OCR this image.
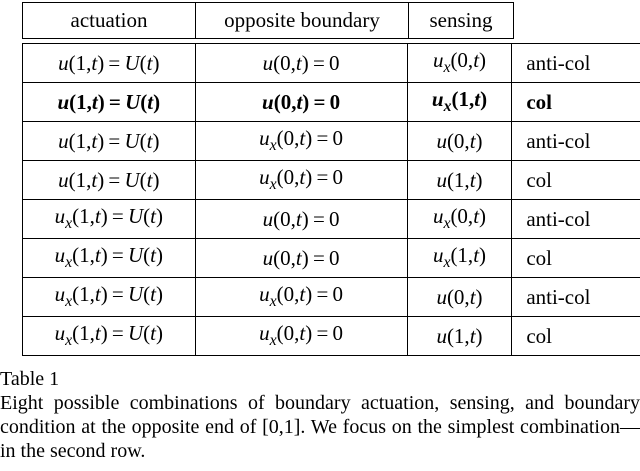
actuation	opposite boundary	sensing
u(1,t) = U(t)	u(0,t) = 0	$u_x(0,t)$	anti-col
u(1,t) = U(t)	u(0,t) = 0	$u_x(1,t)$	col
u(1,t) = U(t)	$u_x(0,t) = 0$	u(0,t)	anti-col
u(1,t) = U(t)	$u_x(0,t) = 0$	u(1,t)	col
$u_x(1,t) = U(t)$	u(0,t) = 0	$u_x(0,t)$	anti-col
$u_x(1,t) = U(t)$	u(0,t) = 0	$u_x(1,t)$	col
$u_x(1,t) = U(t)$	$u_x(0,t) = 0$	u(0,t)	anti-col
$u_x(1,t) = U(t)$	$u_x(0,t) = 0$	u(1,t)	col
Table 1
Eight possible combinations of boundary actuation, sensing, and boundary condition at the opposite end of [0,1]. We focus on the simplest combination—in the second row.
